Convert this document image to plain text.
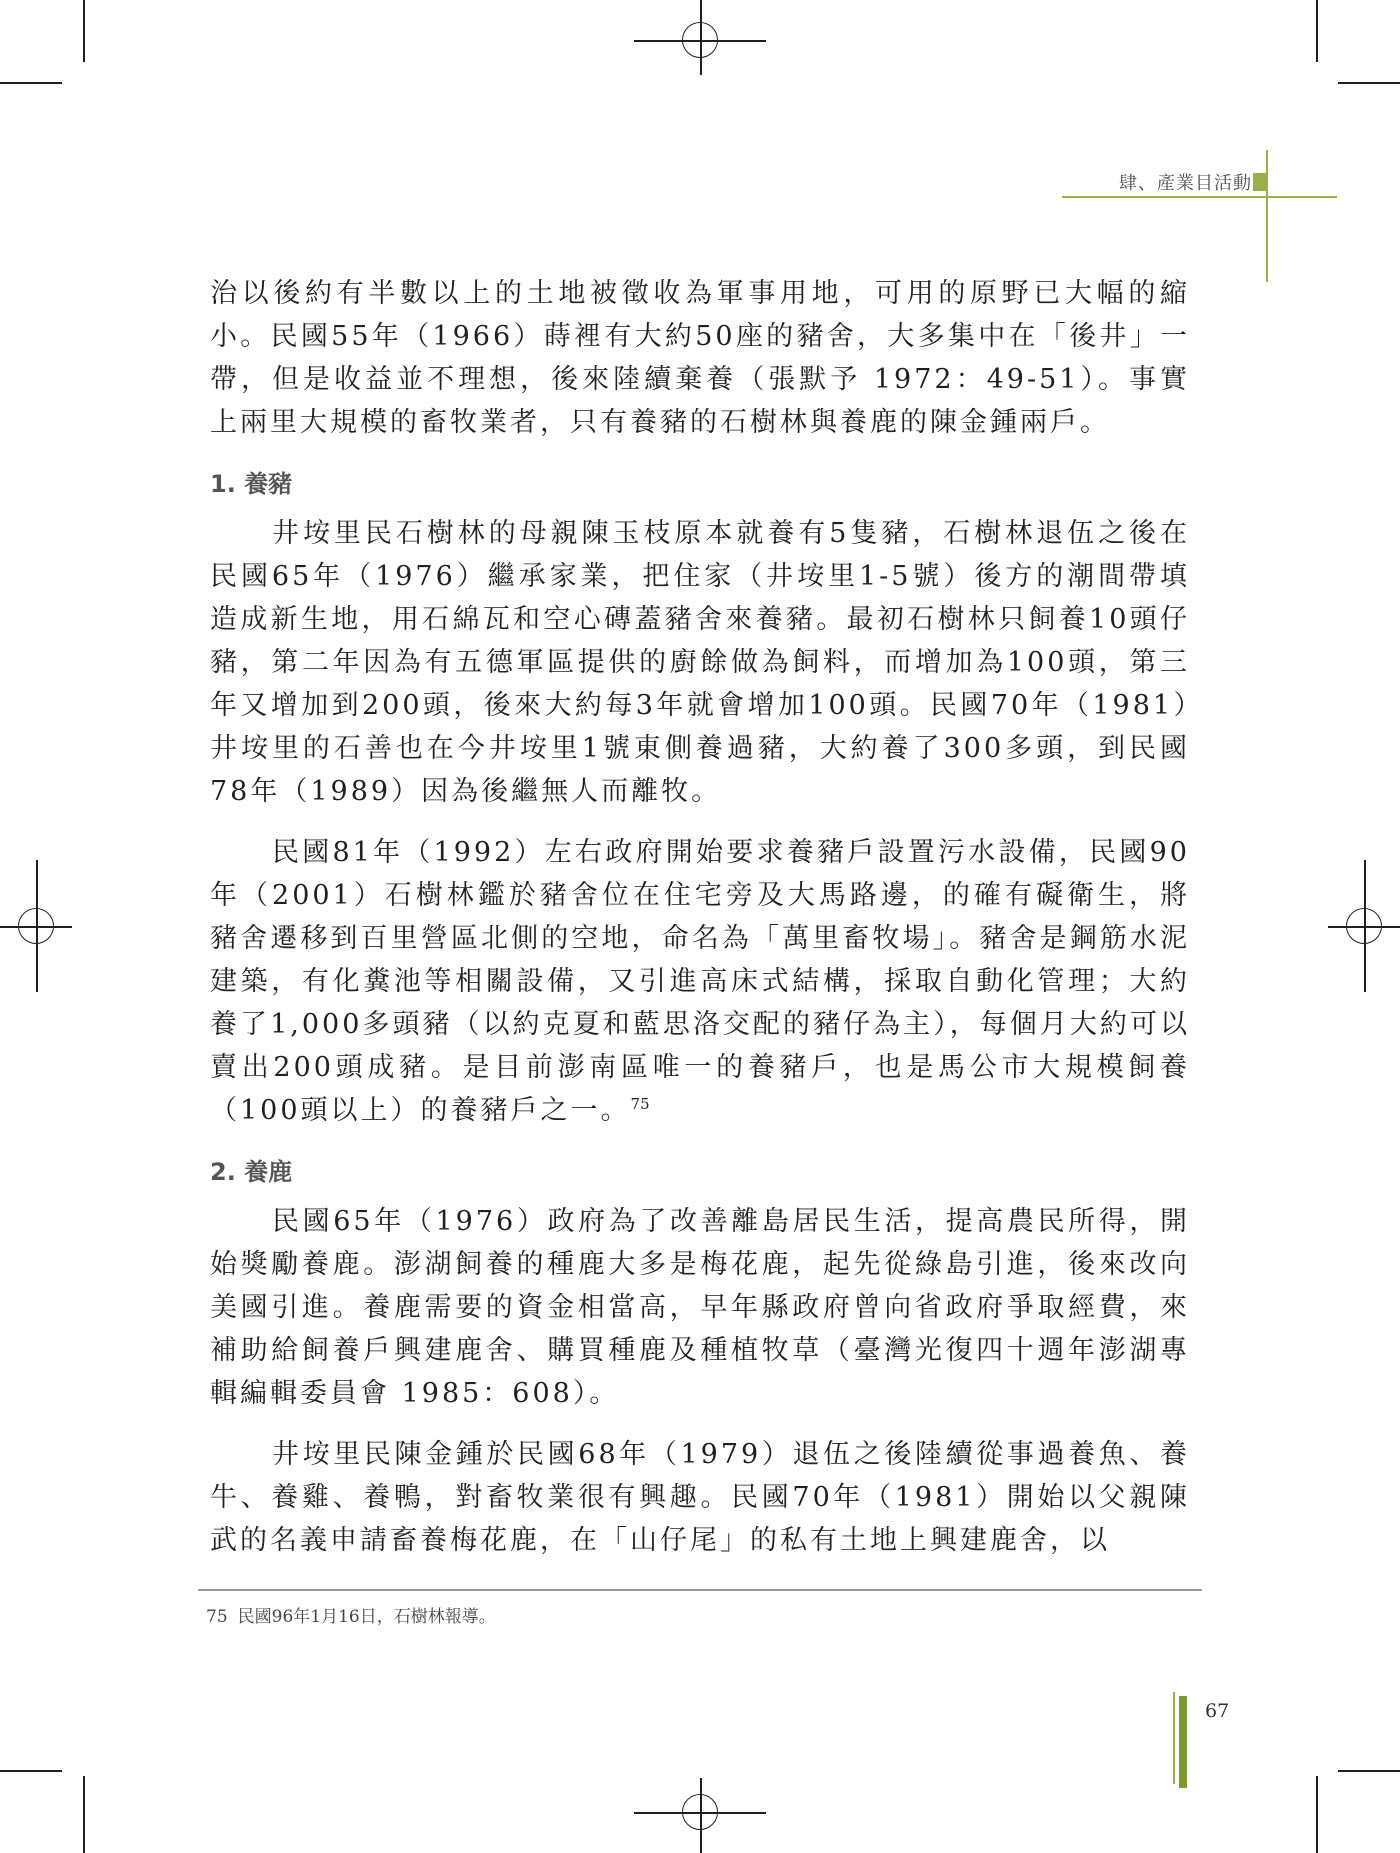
肆、產業目活動

治以後約有半數以上的土地被徵收為軍事用地，可用的原野已大幅的縮小。民國55年（1966）蒔裡有大約50座的豬舍，大多集中在「後井」一帶，但是收益並不理想，後來陸續棄養（張默予 1972：49-51）。事實上兩里大規模的畜牧業者，只有養豬的石樹林與養鹿的陳金鍾兩戶。

1. 養豬

井垵里民石樹林的母親陳玉枝原本就養有5隻豬，石樹林退伍之後在民國65年（1976）繼承家業，把住家（井垵里1-5號）後方的潮間帶填造成新生地，用石綿瓦和空心磚蓋豬舍來養豬。最初石樹林只飼養10頭仔豬，第二年因為有五德軍區提供的廚餘做為飼料，而增加為100頭，第三年又增加到200頭，後來大約每3年就會增加100頭。民國70年（1981）井垵里的石善也在今井垵里1號東側養過豬，大約養了300多頭，到民國78年（1989）因為後繼無人而離牧。

民國81年（1992）左右政府開始要求養豬戶設置污水設備，民國90年（2001）石樹林鑑於豬舍位在住宅旁及大馬路邊，的確有礙衛生，將豬舍遷移到百里營區北側的空地，命名為「萬里畜牧場」。豬舍是鋼筋水泥建築，有化糞池等相關設備，又引進高床式結構，採取自動化管理；大約養了1,000多頭豬（以約克夏和藍思洛交配的豬仔為主），每個月大約可以賣出200頭成豬。是目前澎南區唯一的養豬戶，也是馬公市大規模飼養（100頭以上）的養豬戶之一。$^{75}$

2. 養鹿

民國65年（1976）政府為了改善離島居民生活，提高農民所得，開始獎勵養鹿。澎湖飼養的種鹿大多是梅花鹿，起先從綠島引進，後來改向美國引進。養鹿需要的資金相當高，早年縣政府曾向省政府爭取經費，來補助給飼養戶興建鹿舍、購買種鹿及種植牧草（臺灣光復四十週年澎湖專輯編輯委員會 1985：608）。

井垵里民陳金鍾於民國68年（1979）退伍之後陸續從事過養魚、養牛、養雞、養鴨，對畜牧業很有興趣。民國70年（1981）開始以父親陳武的名義申請畜養梅花鹿，在「山仔尾」的私有土地上興建鹿舍，以

75 民國96年1月16日，石樹林報導。
67
